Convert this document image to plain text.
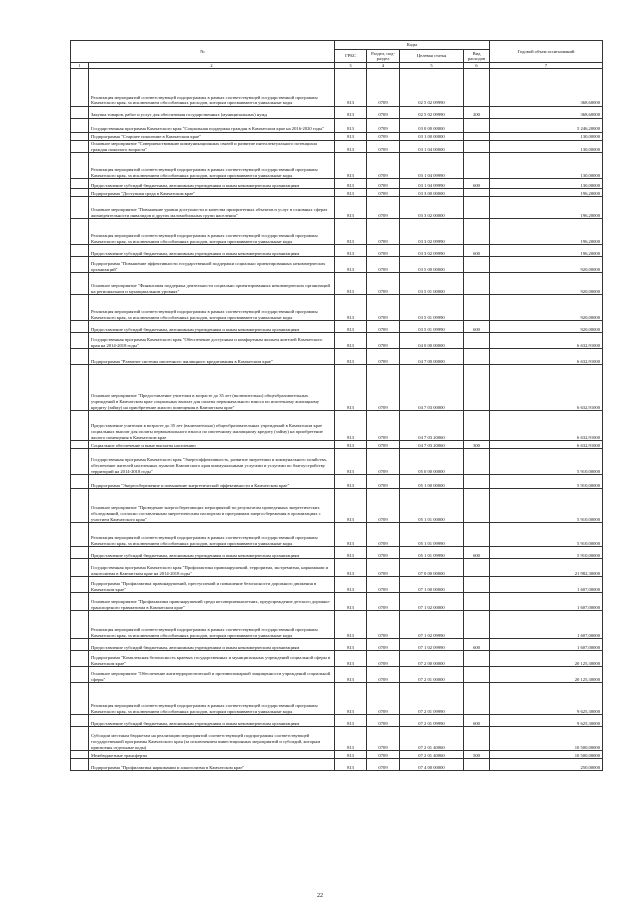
№		Коды				Годовой объем ассигнований
		ГРБС	Раздел, под-раздел	Целевая статья	Вид расходов	
1	2	3	4	5	6	7
	Реализация мероприятий соответствующей подпрограммы в рамках соответствующей государственной программы Камчатского края, за исключением обособленных расходов, которым присваиваются уникальные коды	813	0709	02 5 02 09990		368,60000
	Закупка товаров, работ и услуг для обеспечения государственных (муниципальных) нужд	813	0709	02 5 02 09990	200	368,60000
	Государственная программа Камчатского края "Социальная поддержка граждан в Камчатском крае на 2016-2020 годы"	813	0709	03 0 00 00000		5 246,20000
	Подпрограмма "Старшее поколение в Камчатском крае"	813	0709	03 1 00 00000		130,00000
	Основное мероприятие "Совершенствование коммуникационных связей и развитие интеллектуального потенциала граждан пожилого возраста"	813	0709	03 1 04 00000		130,00000
	Реализация мероприятий соответствующей подпрограммы в рамках соответствующей государственной программы Камчатского края, за исключением обособленных расходов, которым присваиваются уникальные коды	813	0709	03 1 04 09990		130,00000
	Предоставление субсидий бюджетным, автономным учреждениям и иным некоммерческим организациям	813	0709	03 1 04 09990	600	130,00000
	Подпрограмма "Доступная среда в Камчатском крае"	813	0709	03 3 00 00000		196,20000
	Основное мероприятие "Повышение уровня доступности и качества приоритетных объектов и услуг в основных сферах жизнедеятельности инвалидов и других маломобильных групп населения"	813	0709	03 3 02 00000		196,20000
	Реализация мероприятий соответствующей подпрограммы в рамках соответствующей государственной программы Камчатского края, за исключением обособленных расходов, которым присваиваются уникальные коды	813	0709	03 3 02 09990		196,20000
	Предоставление субсидий бюджетным, автономным учреждениям и иным некоммерческим организациям	813	0709	03 3 02 09990	600	196,20000
	Подпрограмма "Повышение эффективности государственной поддержки социально ориентированных некоммерческих организаций"	813	0709	03 5 00 00000		920,00000
	Основное мероприятие "Финансовая поддержка деятельности социально ориентированных некоммерческих организаций на региональном и муниципальном уровнях"	813	0709	03 5 01 00000		920,00000
	Реализация мероприятий соответствующей подпрограммы в рамках соответствующей государственной программы Камчатского края, за исключением обособленных расходов, которым присваиваются уникальные коды	813	0709	03 5 01 09990		920,00000
	Предоставление субсидий бюджетным, автономным учреждениям и иным некоммерческим организациям	813	0709	03 5 01 09990	600	920,00000
	Государственная программа Камчатского края "Обеспечение доступным и комфортным жильем жителей Камчатского края на 2014-2018 годы"	813	0709	04 0 00 00000		6 632,91000
	Подпрограмма "Развитие системы ипотечного жилищного кредитования в Камчатском крае"	813	0709	04 7 00 00000		6 632,91000
	Основное мероприятие "Предоставление учителям в возрасте до 35 лет (включительно) общеобразовательных учреждений в Камчатском крае социальных выплат для оплаты первоначального взноса по ипотечному жилищному кредиту (займу) на приобретение жилого помещения в Камчатском крае"	813	0709	04 7 03 00000		6 632,91000
	Предоставление учителям в возрасте до 35 лет (включительно) общеобразовательных учреждений в Камчатском крае социальных выплат для оплаты первоначального взноса по ипотечному жилищному кредиту (займу) на приобретение жилого помещения в Камчатском крае	813	0709	04 7 03 20060		6 632,91000
	Социальное обеспечение и иные выплаты населению	813	0709	04 7 03 20060	300	6 632,91000
	Государственная программа Камчатского края "Энергоэффективность, развитие энергетики и коммунального хозяйства, обеспечение жителей населенных пунктов Камчатского края коммунальными услугами и услугами по благоустройству территорий на 2014-2018 годы"	813	0709	05 0 00 00000		5 910,00000
	Подпрограмма "Энергосбережение и повышение энергетической эффективности в Камчатском крае"	813	0709	05 1 00 00000		5 910,00000
	Основное мероприятие "Проведение энергосберегающих мероприятий по результатам проведенных энергетических обследований, согласно составленным энергетическим паспортам и программам энергосбережения в организациях с участием Камчатского края"	813	0709	05 1 01 00000		5 910,00000
	Реализация мероприятий соответствующей подпрограммы в рамках соответствующей государственной программы Камчатского края, за исключением обособленных расходов, которым присваиваются уникальные коды	813	0709	05 1 01 09990		5 910,00000
	Предоставление субсидий бюджетным, автономным учреждениям и иным некоммерческим организациям	813	0709	05 1 01 09990	600	5 910,00000
	Государственная программа Камчатского края "Профилактика правонарушений, терроризма, экстремизма, наркомании и алкоголизма в Камчатском крае на 2014-2018 годы"	813	0709	07 0 00 00000		21 982,30000
	Подпрограмма "Профилактика правонарушений, преступлений и повышение безопасности дорожного движения в Камчатском крае"	813	0709	07 1 00 00000		1 607,00000
	Основное мероприятие "Профилактика правонарушений среди несовершеннолетних, предупреждение детского дорожно-транспортного травматизма в Камчатском крае"	813	0709	07 1 02 00000		1 607,00000
	Реализация мероприятий соответствующей подпрограммы в рамках соответствующей государственной программы Камчатского края, за исключением обособленных расходов, которым присваиваются уникальные коды	813	0709	07 1 02 09990		1 607,00000
	Предоставление субсидий бюджетным, автономным учреждениям и иным некоммерческим организациям	813	0709	07 1 02 09990	600	1 607,00000
	Подпрограмма "Комплексная безопасность краевых государственных и муниципальных учреждений социальной сферы в Камчатском крае"	813	0709	07 2 00 00000		20 125,30000
	Основное мероприятие "Обеспечение антитеррористической и противопожарной защищенности учреждений социальной сферы"	813	0709	07 2 01 00000		20 125,30000
	Реализация мероприятий соответствующей подпрограммы в рамках соответствующей государственной программы Камчатского края, за исключением обособленных расходов, которым присваиваются уникальные коды	813	0709	07 2 01 09990		9 625,30000
	Предоставление субсидий бюджетным, автономным учреждениям и иным некоммерческим организациям	813	0709	07 2 01 09990	600	9 625,30000
	Субсидии местным бюджетам на реализацию мероприятий соответствующей подпрограммы соответствующей государственной программы Камчатского края (за исключением инвестиционных мероприятий и субсидий, которым присвоены отдельные коды)	813	0709	07 2 01 40060		10 500,00000
	Межбюджетные трансферты	813	0709	07 2 01 40060	500	10 500,00000
	Подпрограмма "Профилактика наркомании и алкоголизма в Камчатском крае"	813	0709	07 4 00 00000		250,00000
22
